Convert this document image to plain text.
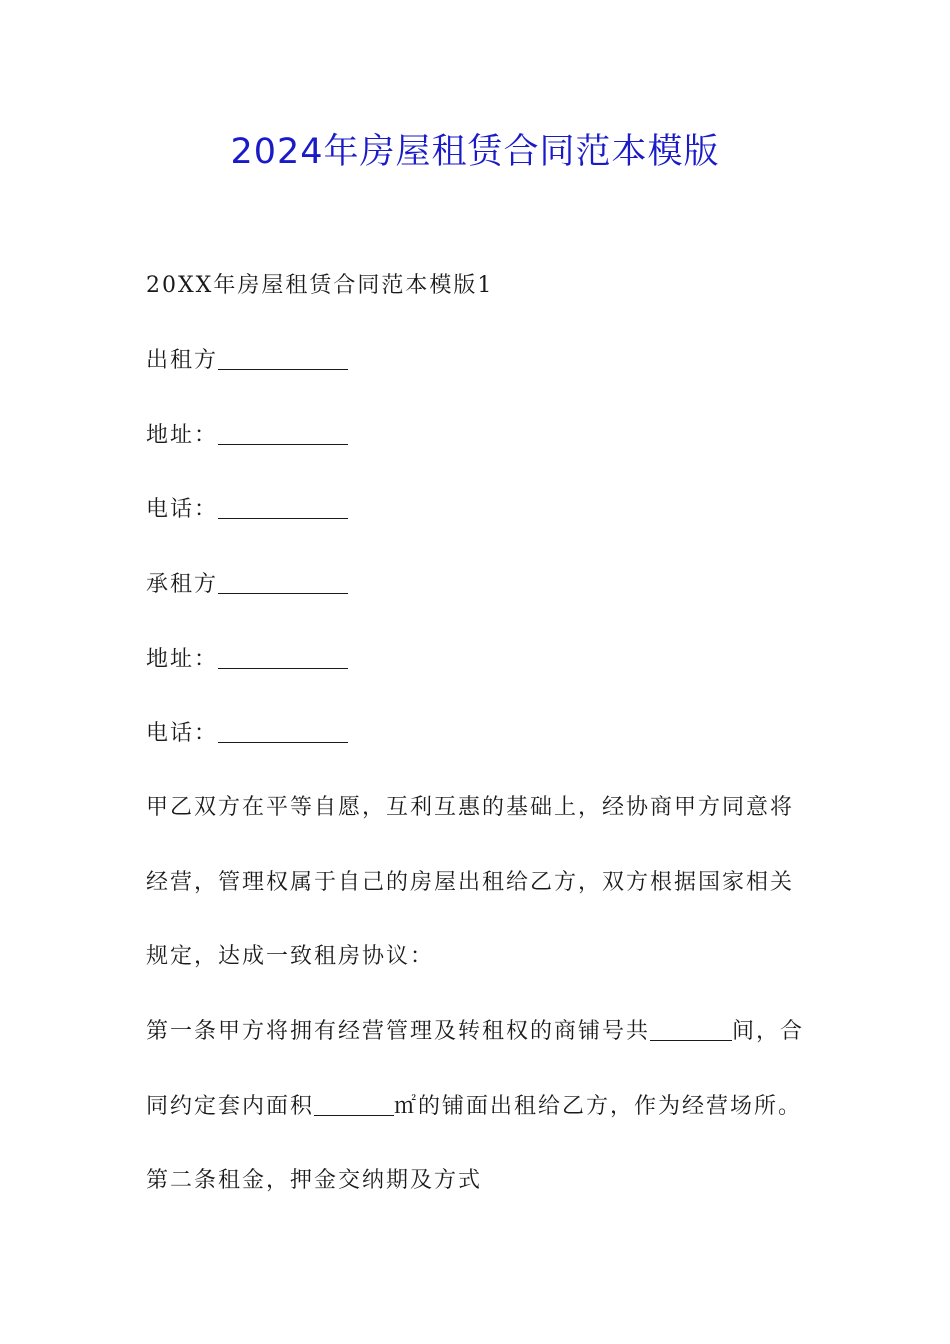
2024年房屋租赁合同范本模版

20XX年房屋租赁合同范本模版1

出租方

地址：

电话：

承租方

地址：

电话：

甲乙双方在平等自愿，互利互惠的基础上，经协商甲方同意将

经营，管理权属于自己的房屋出租给乙方，双方根据国家相关

规定，达成一致租房协议：

第一条甲方将拥有经营管理及转租权的商铺号共	间，合

同约定套内面积	㎡的铺面出租给乙方，作为经营场所。

第二条租金，押金交纳期及方式
